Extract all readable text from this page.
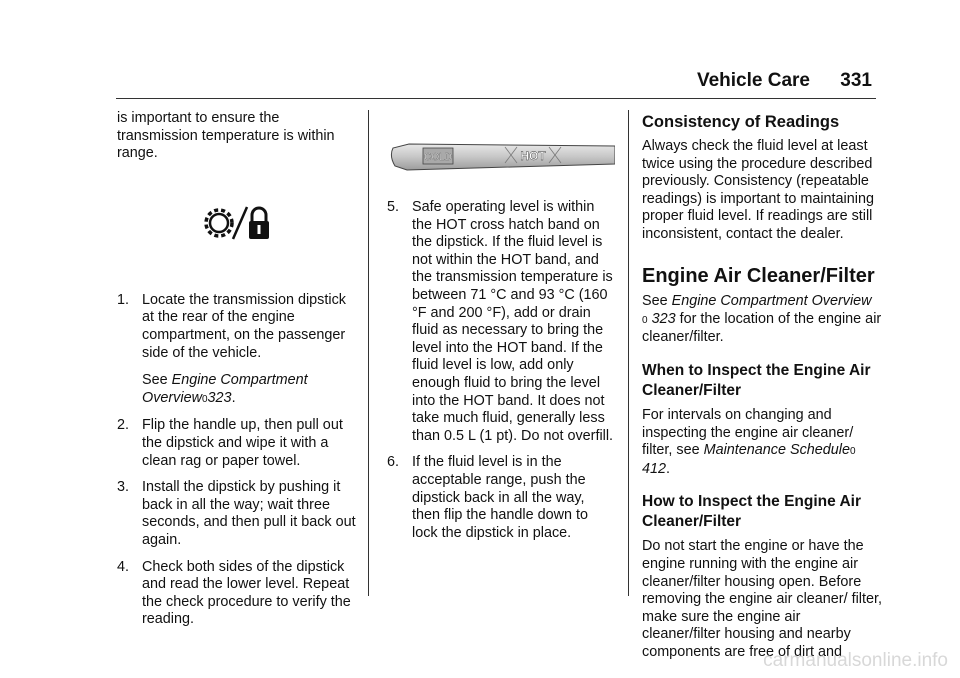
Vehicle Care 331

is important to ensure the transmission temperature is within range.

1. Locate the transmission dipstick at the rear of the engine compartment, on the passenger side of the vehicle.

See Engine Compartment Overview0323.

2. Flip the handle up, then pull out the dipstick and wipe it with a clean rag or paper towel.
3. Install the dipstick by pushing it back in all the way; wait three seconds, and then pull it back out again.
4. Check both sides of the dipstick and read the lower level. Repeat the check procedure to verify the reading.
COLD	HOT
5. Safe operating level is within the HOT cross hatch band on the dipstick. If the fluid level is not within the HOT band, and the transmission temperature is between 71 °C and 93 °C (160 °F and 200 °F), add or drain fluid as necessary to bring the level into the HOT band. If the fluid level is low, add only enough fluid to bring the level into the HOT band. It does not take much fluid, generally less than 0.5 L (1 pt). Do not overfill.
6. If the fluid level is in the acceptable range, push the dipstick back in all the way, then flip the handle down to lock the dipstick in place.
Consistency of Readings

Always check the fluid level at least twice using the procedure described previously. Consistency (repeatable readings) is important to maintaining proper fluid level. If readings are still inconsistent, contact the dealer.

Engine Air Cleaner/Filter

See Engine Compartment Overview
0 323 for the location of the engine air cleaner/filter.

When to Inspect the Engine Air Cleaner/Filter

For intervals on changing and inspecting the engine air cleaner/ filter, see Maintenance Schedule0 412.

How to Inspect the Engine Air Cleaner/Filter

Do not start the engine or have the engine running with the engine air cleaner/filter housing open. Before removing the engine air cleaner/ filter, make sure the engine air cleaner/filter housing and nearby components are free of dirt and

carmanualsonline.info
